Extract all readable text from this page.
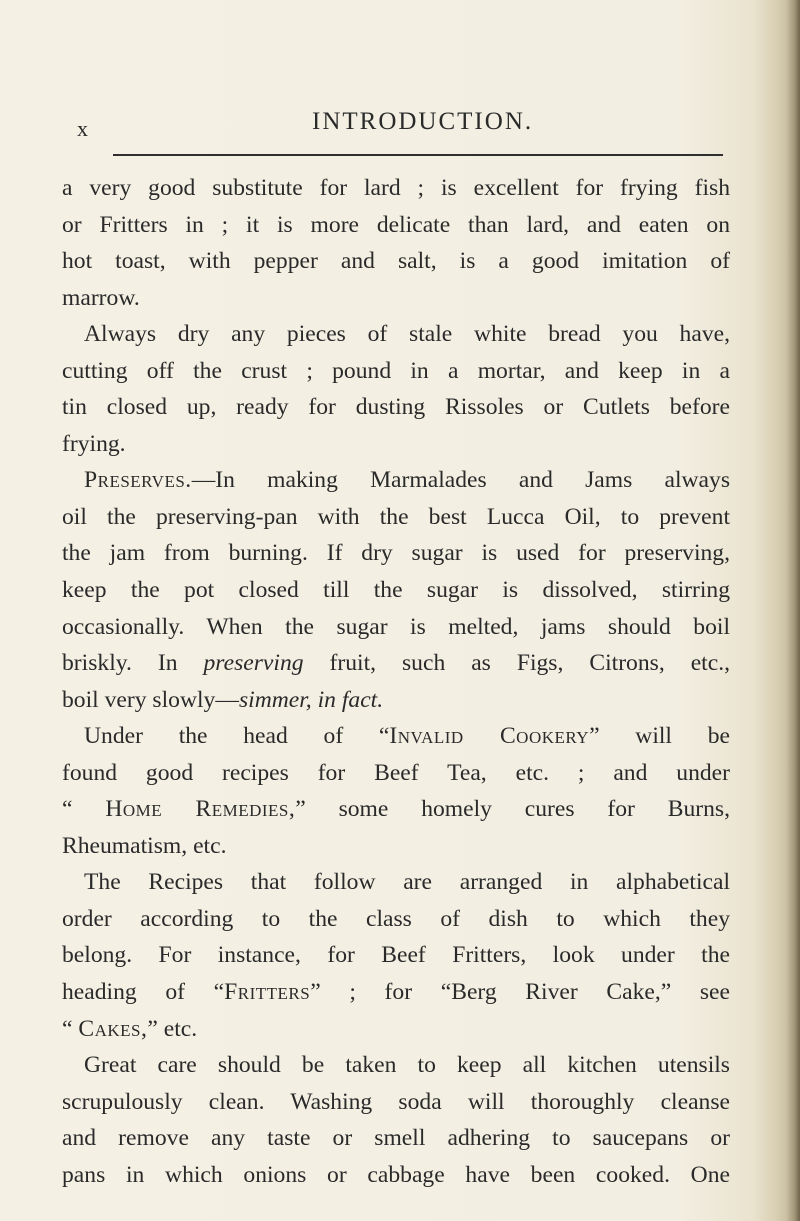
x	INTRODUCTION.
a very good substitute for lard ; is excellent for frying fish
or Fritters in ; it is more delicate than lard, and eaten on
hot toast, with pepper and salt, is a good imitation of
marrow.
Always dry any pieces of stale white bread you have,
cutting off the crust ; pound in a mortar, and keep in a
tin closed up, ready for dusting Rissoles or Cutlets before
frying.
Preserves.—In making Marmalades and Jams always
oil the preserving-pan with the best Lucca Oil, to prevent
the jam from burning. If dry sugar is used for preserving,
keep the pot closed till the sugar is dissolved, stirring
occasionally. When the sugar is melted, jams should boil
briskly. In preserving fruit, such as Figs, Citrons, etc.,
boil very slowly—simmer, in fact.
Under the head of “Invalid Cookery” will be
found good recipes for Beef Tea, etc. ; and under
“ Home Remedies,” some homely cures for Burns,
Rheumatism, etc.
The Recipes that follow are arranged in alphabetical
order according to the class of dish to which they
belong. For instance, for Beef Fritters, look under the
heading of “Fritters” ; for “Berg River Cake,” see
“ Cakes,” etc.
Great care should be taken to keep all kitchen utensils
scrupulously clean. Washing soda will thoroughly cleanse
and remove any taste or smell adhering to saucepans or
pans in which onions or cabbage have been cooked. One
